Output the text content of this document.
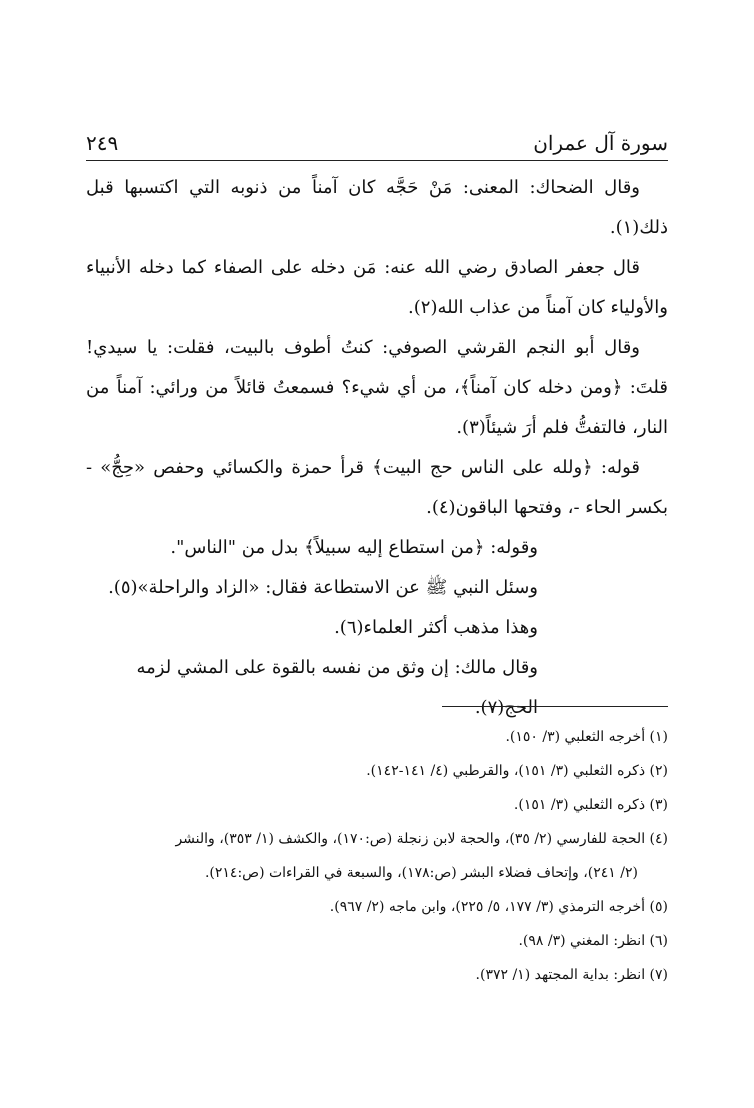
سورة آل عمران
٢٤٩

وقال الضحاك: المعنى: مَنْ حَجَّه كان آمناً من ذنوبه التي اكتسبها قبل ذلك(١).

قال جعفر الصادق رضي الله عنه: مَن دخله على الصفاء كما دخله الأنبياء والأولياء كان آمناً من عذاب الله(٢).

وقال أبو النجم القرشي الصوفي: كنتُ أطوف بالبيت، فقلت: يا سيدي! قلتَ: ﴿ومن دخله كان آمناً﴾، من أي شيء؟ فسمعتُ قائلاً من ورائي: آمناً من النار، فالتفتُّ فلم أرَ شيئاً(٣).

قوله: ﴿ولله على الناس حج البيت﴾ قرأ حمزة والكسائي وحفص «حِجُّ» - بكسر الحاء -، وفتحها الباقون(٤).

وقوله: ﴿من استطاع إليه سبيلاً﴾ بدل من "الناس".

وسئل النبي ﷺ عن الاستطاعة فقال: «الزاد والراحلة»(٥).

وهذا مذهب أكثر العلماء(٦).

وقال مالك: إن وثق من نفسه بالقوة على المشي لزمه الحج(٧).

(١) أخرجه الثعلبي (٣/ ١٥٠).

(٢) ذكره الثعلبي (٣/ ١٥١)، والقرطبي (٤/ ١٤١-١٤٢).

(٣) ذكره الثعلبي (٣/ ١٥١).

(٤) الحجة للفارسي (٢/ ٣٥)، والحجة لابن زنجلة (ص:١٧٠)، والكشف (١/ ٣٥٣)، والنشر

(٢/ ٢٤١)، وإتحاف فضلاء البشر (ص:١٧٨)، والسبعة في القراءات (ص:٢١٤).

(٥) أخرجه الترمذي (٣/ ١٧٧، ٥/ ٢٢٥)، وابن ماجه (٢/ ٩٦٧).

(٦) انظر: المغني (٣/ ٩٨).

(٧) انظر: بداية المجتهد (١/ ٣٧٢).
